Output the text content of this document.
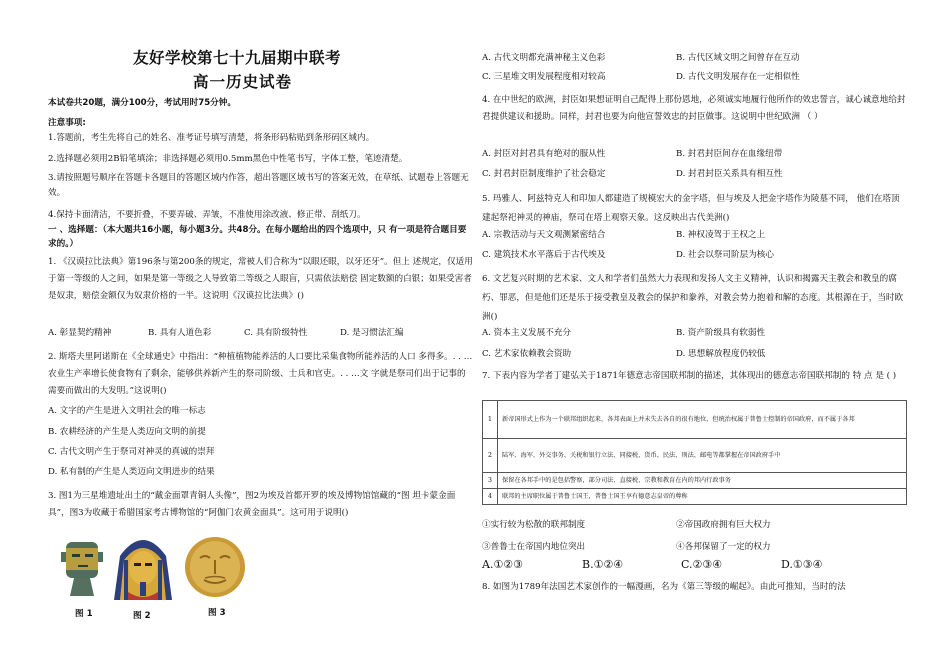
友好学校第七十九届期中联考
高一历史试卷
本试卷共20题，满分100分，考试用时75分钟。
注意事项:
1.答题前，考生先将自己的姓名、准考证号填写清楚，将条形码粘贴到条形码区域内。
2.选择题必须用2B铅笔填涂；非选择题必须用0.5mm黑色中性笔书写，字体工整，笔迹清楚。
3.请按照题号顺序在答题卡各题目的答题区域内作答，超出答题区域书写的答案无效，在草纸、试题卷上答题无效。
4.保持卡面清洁，不要折叠，不要弄破、弄皱，不准使用涂改液、修正带、刮纸刀。
一 、选择题：（本大题共16小题，每小题3分。共48分。在每小题给出的四个选项中，只 有一项是符合题目要求的。）
1. 《汉谟拉比法典》第196条与第200条的规定，常被人们合称为“以眼还眼，以牙还牙”。但上 述规定，仅适用于第一等级的人之间，如果是第一等级之人导致第二等级之人眼盲，只需依法赔偿 固定数额的白银；如果受害者是奴隶，赔偿金额仅为奴隶价格的一半。这说明《汉谟拉比法典》()
A. 彰显契约精神	B. 具有人道色彩	C. 具有阶级特性	D. 是习惯法汇编
2. 斯塔夫里阿诺斯在《全球通史》中指出：“种植植物能养活的人口要比采集食物所能养活的人口 多得多。. . …农业生产率增长使食物有了剩余，能够供养新产生的祭司阶级、士兵和官吏。. . …文 字就是祭司们出于记事的需要而做出的大发明。”这说明()
A. 文字的产生是进入文明社会的唯一标志
B. 农耕经济的产生是人类迈向文明的前提
C. 古代文明产生于祭司对神灵的真诚的崇拜
D. 私有制的产生是人类迈向文明进步的结果
3. 图1为三星堆遗址出土的“戴金面罩青铜人头像”，图2为埃及首都开罗的埃及博物馆馆藏的“图 坦卡蒙金面具”，图3为收藏于希腊国家考古博物馆的“阿伽门农黄金面具”。这可用于说明()
图 1	图 2	图 3
A. 古代文明都充满神秘主义色彩	B. 古代区域文明之间曾存在互动
C. 三星堆文明发展程度相对较高	D. 古代文明发展存在一定相似性
4. 在中世纪的欧洲，封臣如果想证明自己配得上那份恩地，必须诚实地履行他所作的效忠誓言，诚心诚意地给封君提供建议和援助。同样，封君也要为向他宣誓效忠的封臣做事。这说明中世纪欧洲 （ ）
A. 封臣对封君具有绝对的服从性	B. 封君封臣间存在血缘纽带
C. 封君封臣制度维护了社会稳定	D. 封君封臣关系具有相互性
5. 玛雅人、阿兹特克人和印加人都建造了规模宏大的金字塔，但与埃及人把金字塔作为陵墓不同， 他们在塔顶建起祭祀神灵的神庙，祭司在塔上观察天象。这反映出古代美洲()
A. 宗教活动与天文观测紧密结合	B. 神权凌驾于王权之上
C. 建筑技术水平落后于古代埃及	D. 社会以祭司阶层为核心
6. 文艺复兴时期的艺术家、文人和学者们虽然大力表现和发扬人文主义精神，认识和揭露天主教会和教皇的腐朽、罪恶，但是他们还是乐于接受教皇及教会的保护和豢养，对教会势力抱着和解的态度。其根源在于，当时欧洲()
A. 资本主义发展不充分	B. 资产阶级具有软弱性
C. 艺术家依赖教会资助	D. 思想解放程度仍较低
7. 下表内容为学者丁建弘关于1871年德意志帝国联邦制的描述，其体现出的德意志帝国联邦制的 特 点 是 ( )
1	新帝国形式上作为一个联邦组织起来，各邦表面上并未失去各自的很有地位，但统治权属于普鲁士控制的帝国政府，而不属于各邦
2	陆军、海军、外交事务、关税和银行立法、同接税、货币、民法、刑法、邮电等都掌握在帝国政府手中
3	保留在各邦手中的是包括警察，部分司法、直接税、宗教和教育在内的邦内行政事务
4	联邦的主席职位属于普鲁士国王，普鲁士国王享有德意志皇帝的尊称
①实行较为松散的联邦制度	②帝国政府拥有巨大权力
③普鲁士在帝国内地位突出	④各邦保留了一定的权力
A.①②③	B.①②④	C.②③④	D.①③④
8. 如图为1789年法国艺术家创作的一幅漫画，名为《第三等级的崛起》。由此可推知，当时的法
